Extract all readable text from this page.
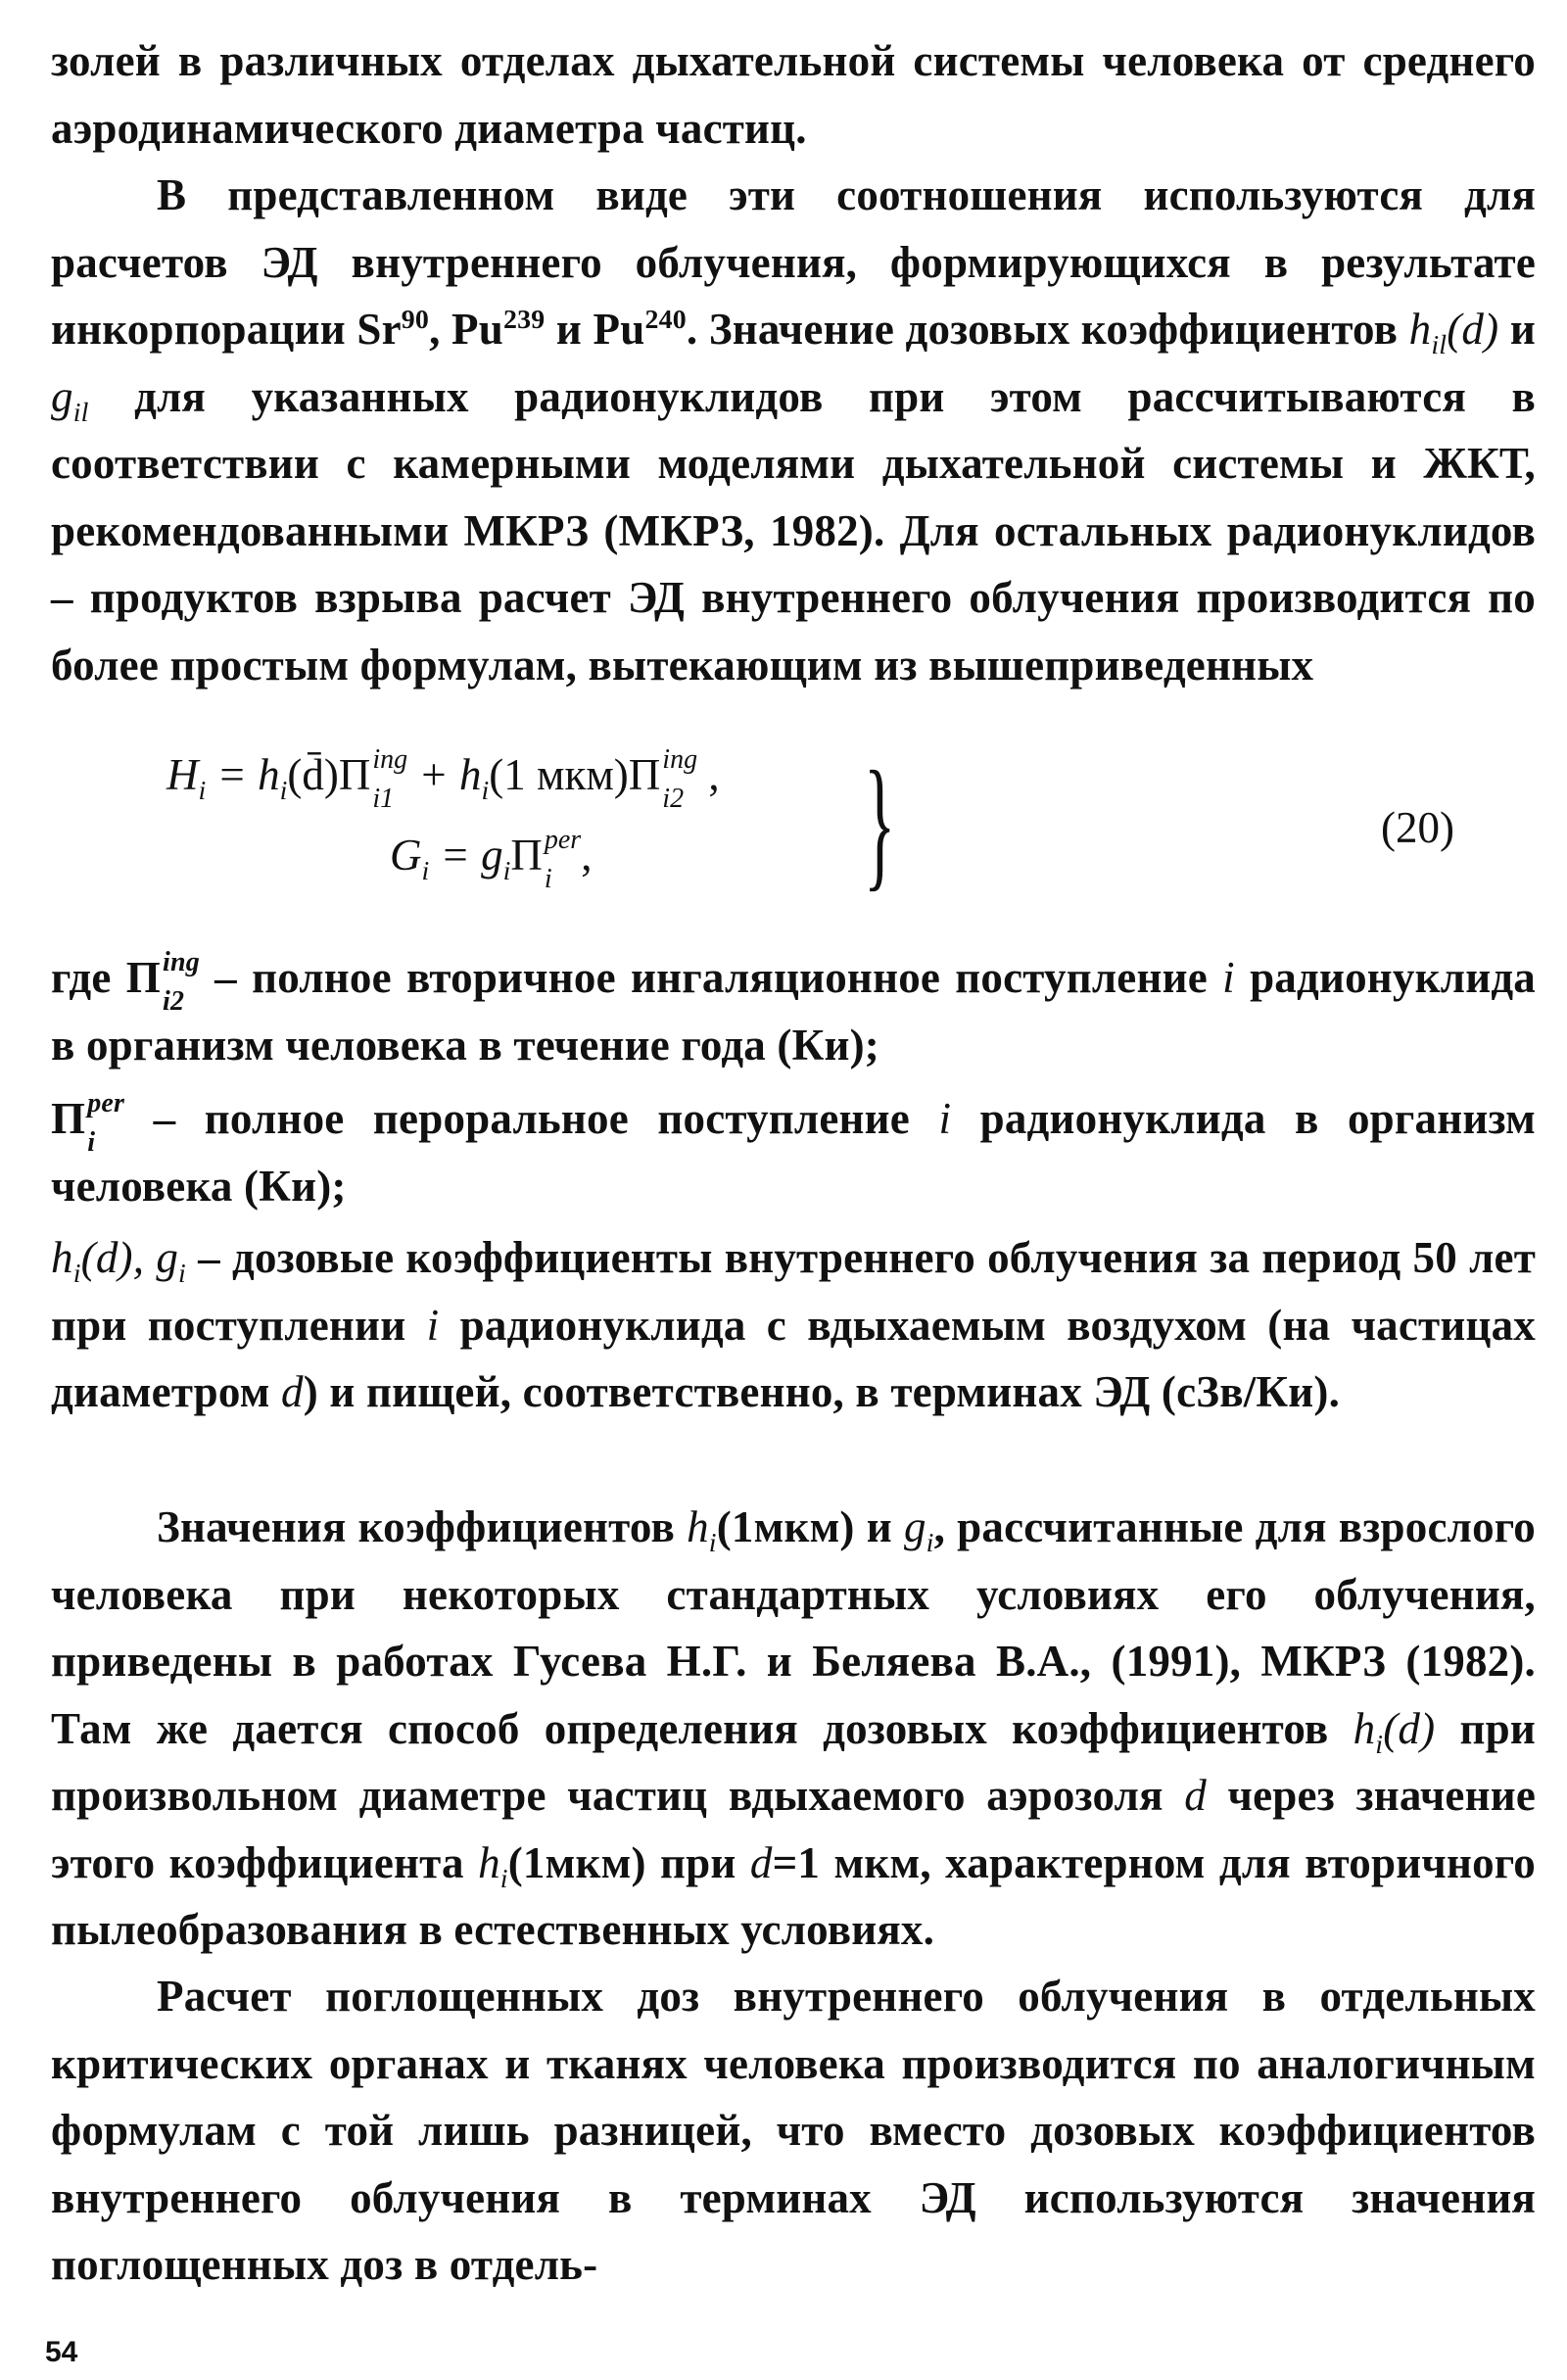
золей в различных отделах дыхательной системы человека от среднего аэродинамического диаметра частиц.

В представленном виде эти соотношения используются для расчетов ЭД внутреннего облучения, формирующихся в результате инкорпорации Sr$^{90}$, Pu$^{239}$ и Pu$^{240}$. Значение дозовых коэффициентов $h_{il}(d)$ и $g_{il}$ для указанных радионуклидов при этом рассчитываются в соответствии с камерными моделями дыхательной системы и ЖКТ, рекомендованными МКРЗ (МКРЗ, 1982). Для остальных радионуклидов – продуктов взрыва расчет ЭД внутреннего облучения производится по более простым формулам, вытекающим из вышеприведенных

$H_i$ = $h_i(d̄)П$ ing
$i1 + h_i(1$ мкм)П ing
i2 ,
$G_i = g_iП$ per
i , }	(20)

где П ing
i2 – полное вторичное ингаляционное поступление i радионуклида в организм человека в течение года (Ки);

П per
i – полное пероральное поступление i радионуклида в организм человека (Ки);

$h_i(d)$, $g_i$ – дозовые коэффициенты внутреннего облучения за период 50 лет при поступлении i радионуклида с вдыхаемым воздухом (на частицах диаметром d) и пищей, соответственно, в терминах ЭД (сЗв/Ки).

Значения коэффициентов $h_i(1мкм)$ и $g_i$, рассчитанные для взрослого человека при некоторых стандартных условиях его облучения, приведены в работах Гусева Н.Г. и Беляева В.А., (1991), МКРЗ (1982). Там же дается способ определения дозовых коэффициентов $h_i(d)$ при произвольном диаметре частиц вдыхаемого аэрозоля d через значение этого коэффициента $h_i(1мкм)$ при d=1 мкм, характерном для вторичного пылеобразования в естественных условиях.

Расчет поглощенных доз внутреннего облучения в отдельных критических органах и тканях человека производится по аналогичным формулам с той лишь разницей, что вместо дозовых коэффициентов внутреннего облучения в терминах ЭД используются значения поглощенных доз в отдель-

54
